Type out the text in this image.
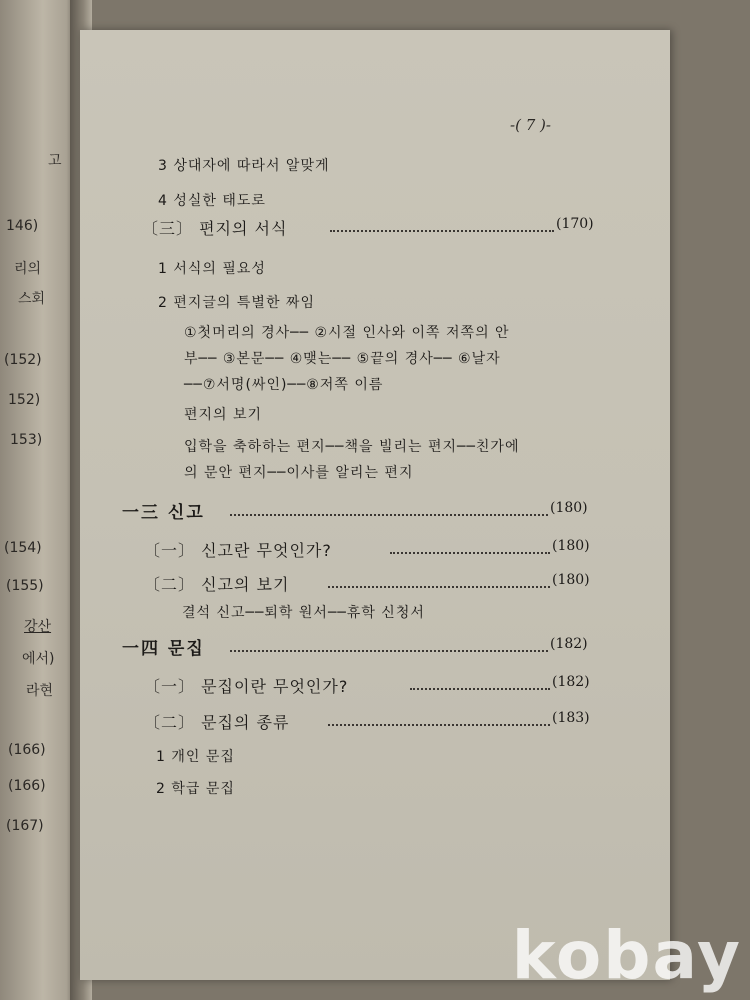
고
146)
리의
스회
(152)
152)
153)
(154)
(155)
강산
에서)
라현
(166)
(166)
(167)
-( 7 )-
3 상대자에 따라서 알맞게
4 성실한 태도로
〔三〕 편지의 서식	(170)
1 서식의 필요성
2 편지글의 특별한 짜임
①첫머리의 경사── ②시절 인사와 이쪽 저쪽의 안
부── ③본문── ④맺는── ⑤끝의 경사── ⑥날자
──⑦서명(싸인)──⑧저쪽 이름
편지의 보기
입학을 축하하는 편지──책을 빌리는 편지──친가에
의 문안 편지──이사를 알리는 편지
一三 신고	(180)
〔一〕 신고란 무엇인가?	(180)
〔二〕 신고의 보기	(180)
결석 신고──퇴학 원서──휴학 신청서
一四 문집	(182)
〔一〕 문집이란 무엇인가?	(182)
〔二〕 문집의 종류	(183)
1 개인 문집
2 학급 문집
kobay
